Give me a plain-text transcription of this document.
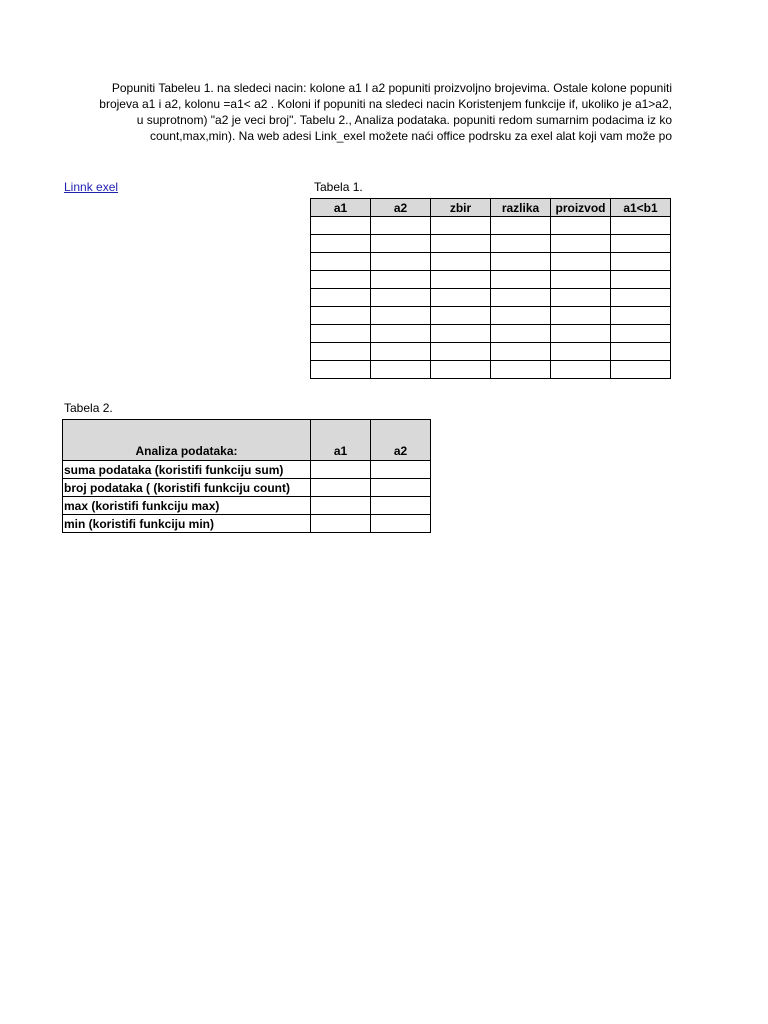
Popuniti Tabeleu 1. na sledeci nacin: kolone a1 I a2 popuniti proizvoljno brojevima. Ostale kolone popuniti
brojeva a1 i a2, kolonu =a1< a2 . Koloni if popuniti na sledeci nacin Koristenjem funkcije if, ukoliko je a1>a2,
u suprotnom) "a2 je veci broj". Tabelu 2., Analiza podataka. popuniti redom sumarnim podacima iz ko
count,max,min). Na web adesi Link_exel možete naći office podrsku za exel alat koji vam može po
Linnk exel	Tabela 1.
a1	a2	zbir	razlika	proizvod	a1<b1

Tabela 2.
Analiza podataka:	a1	a2
suma podataka (koristifi funkciju sum)		
broj podataka ( (koristifi funkciju count)		
max (koristifi funkciju max)		
min (koristifi funkciju min)		
